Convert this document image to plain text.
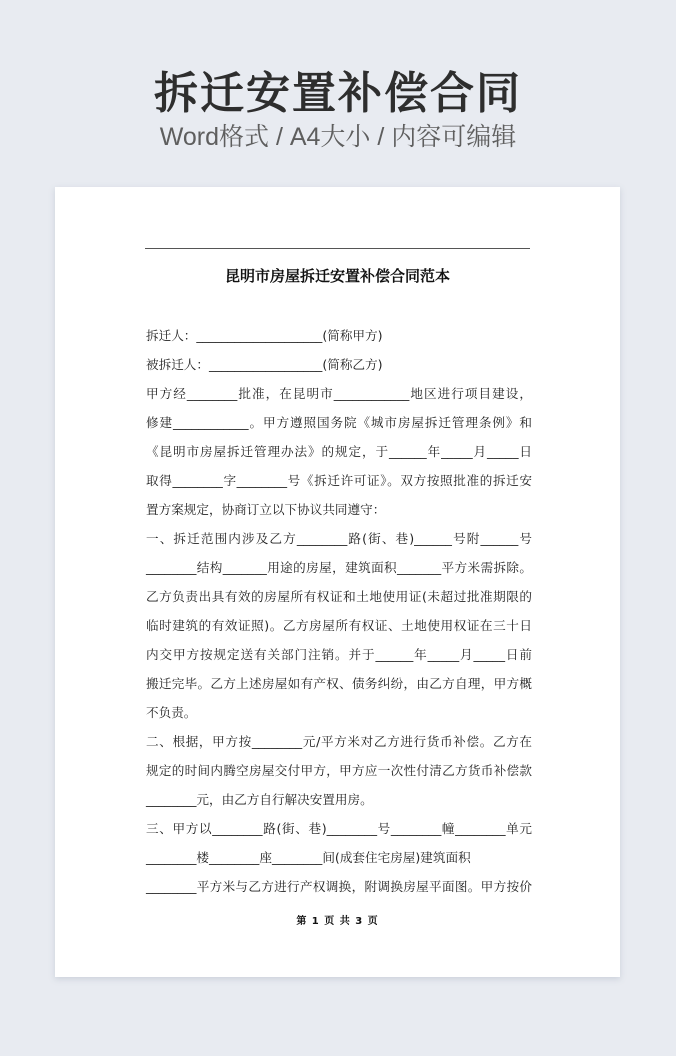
拆迁安置补偿合同
Word格式 / A4大小 / 内容可编辑
昆明市房屋拆迁安置补偿合同范本
拆迁人：____________________(简称甲方)
被拆迁人：__________________(简称乙方)
甲方经________批准，在昆明市____________地区进行项目建设，
修建____________。甲方遵照国务院《城市房屋拆迁管理条例》和
《昆明市房屋拆迁管理办法》的规定，于______年_____月_____日
取得________字________号《拆迁许可证》。双方按照批准的拆迁安
置方案规定，协商订立以下协议共同遵守：
一、拆迁范围内涉及乙方________路(街、巷)______号附______号
________结构_______用途的房屋，建筑面积_______平方米需拆除。
乙方负责出具有效的房屋所有权证和土地使用证(未超过批准期限的
临时建筑的有效证照)。乙方房屋所有权证、土地使用权证在三十日
内交甲方按规定送有关部门注销。并于______年_____月_____日前
搬迁完毕。乙方上述房屋如有产权、债务纠纷，由乙方自理，甲方概
不负责。
二、根据，甲方按________元/平方米对乙方进行货币补偿。乙方在
规定的时间内腾空房屋交付甲方，甲方应一次性付清乙方货币补偿款
________元，由乙方自行解决安置用房。
三、甲方以________路(街、巷)________号________幢________单元
________楼________座________间(成套住宅房屋)建筑面积
________平方米与乙方进行产权调换，附调换房屋平面图。甲方按价
第 1 页 共 3 页
